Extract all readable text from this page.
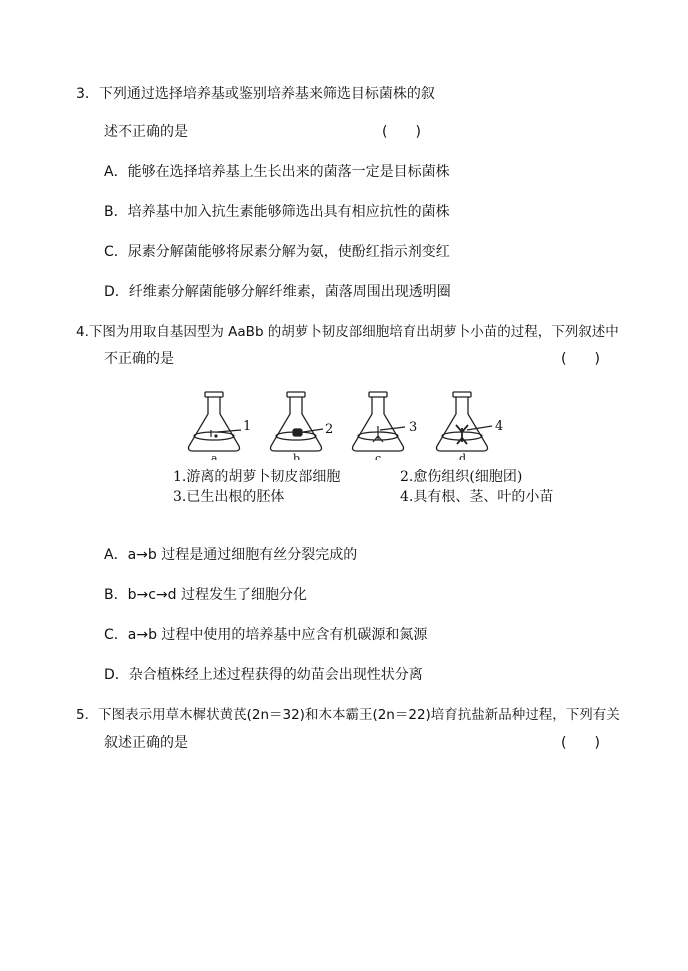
3．下列通过选择培养基或鉴别培养基来筛选目标菌株的叙
述不正确的是	(　　)
A．能够在选择培养基上生长出来的菌落一定是目标菌株
B．培养基中加入抗生素能够筛选出具有相应抗性的菌株
C．尿素分解菌能够将尿素分解为氨，使酚红指示剂变红
D．纤维素分解菌能够分解纤维素，菌落周围出现透明圈
4.下图为用取自基因型为 AaBb 的胡萝卜韧皮部细胞培育出胡萝卜小苗的过程，下列叙述中
不正确的是	(　　)
1	2	3	4
a	b	c	d
1.游离的胡萝卜韧皮部细胞	2.愈伤组织(细胞团)
3.已生出根的胚体	4.具有根、茎、叶的小苗
A．a→b 过程是通过细胞有丝分裂完成的
B．b→c→d 过程发生了细胞分化
C．a→b 过程中使用的培养基中应含有机碳源和氮源
D．杂合植株经上述过程获得的幼苗会出现性状分离
5．下图表示用草木樨状黄芪(2n＝32)和木本霸王(2n＝22)培育抗盐新品种过程，下列有关
叙述正确的是	(　　)
